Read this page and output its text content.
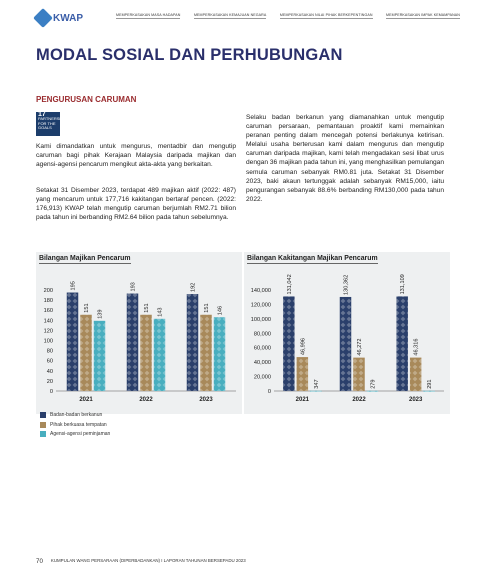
KWAP	MEMPERKASAKAN MASA HADAPAN	MEMPERKASAKAN KEMAJUAN NEGARA	MEMPERKASAKAN NILAI PIHAK BERKEPENTINGAN	MEMPERKASAKAN IMPAK KEMAMPANAN
MODAL SOSIAL DAN PERHUBUNGAN
PENGURUSAN CARUMAN
17
PARTNERSHIPS FOR THE GOALS

Kami dimandatkan untuk mengurus, mentadbir dan mengutip caruman bagi pihak Kerajaan Malaysia daripada majikan dan agensi-agensi pencarum mengikut akta-akta yang berkaitan.

Setakat 31 Disember 2023, terdapat 489 majikan aktif (2022: 487) yang mencarum untuk 177,716 kakitangan bertaraf pencen. (2022: 176,913) KWAP telah mengutip caruman berjumlah RM2.71 bilion pada tahun ini berbanding RM2.64 bilion pada tahun sebelumnya.

Selaku badan berkanun yang diamanahkan untuk mengutip caruman persaraan, pemantauan proaktif kami memainkan peranan penting dalam mencegah potensi berlakunya ketirisan. Melalui usaha berterusan kami dalam mengurus dan mengutip caruman daripada majikan, kami telah mengadakan sesi libat urus dengan 36 majikan pada tahun ini, yang menghasilkan pemulangan semula caruman sebanyak RM0.81 juta. Setakat 31 Disember 2023, baki akaun tertunggak adalah sebanyak RM15,000, iaitu pengurangan sebanyak 88.6% berbanding RM130,000 pada tahun 2022.

Bilangan Majikan Pencarum
0
20
40
60
80
100
120
140
160
180
200
195
151
139
2021
193
151 143
2022
192
151 146
2023
Bilangan Kakitangan Majikan Pencarum
0
20,000
40,000
60,000
80,000
100,000
120,000
140,000	131,042
46,996
347
2021
130,362
46,272
279
2022
131,109
46,316
291
2023
Badan-badan berkanun
Pihak berkuasa tempatan
Agensi-agensi peminjaman
70 KUMPULAN WANG PERSARAAN (DIPERBADANKAN) I LAPORAN TAHUNAN BERSEPADU 2023
